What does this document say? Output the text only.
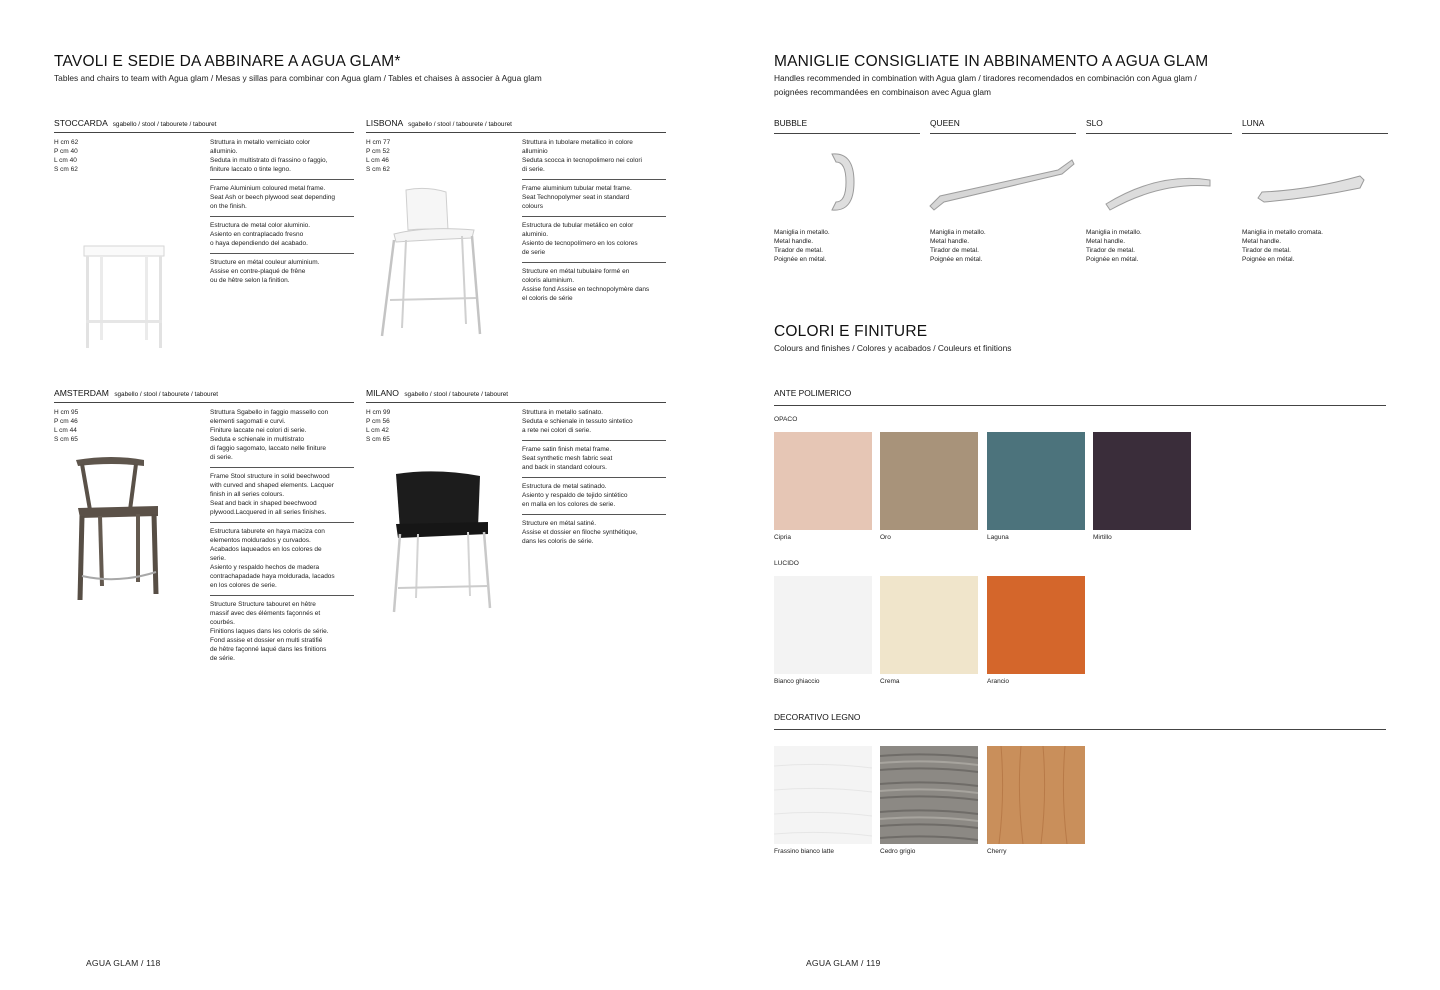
TAVOLI E SEDIE DA ABBINARE A AGUA GLAM*
Tables and chairs to team with Agua glam / Mesas y sillas para combinar con Agua glam / Tables et chaises à associer à Agua glam
STOCCARDA sgabello / stool / tabourete / tabouret
H cm 62
P cm 40
L cm 40
S cm 62
Struttura in metallo verniciato color
alluminio.
Seduta in multistrato di frassino o faggio,
finiture laccato o tinte legno.
Frame Aluminium coloured metal frame.
Seat Ash or beech plywood seat depending
on the finish.
Estructura de metal color aluminio.
Asiento en contraplacado fresno
o haya dependiendo del acabado.
Structure en métal couleur aluminium.
Assise en contre-plaqué de frêne
ou de hêtre selon la finition.
LISBONA sgabello / stool / tabourete / tabouret
H cm 77
P cm 52
L cm 46
S cm 62
Struttura in tubolare metallico in colore
alluminio
Seduta scocca in tecnopolimero nei colori
di serie.
Frame aluminium tubular metal frame.
Seat Technopolymer seat in standard
colours
Estructura de tubular metálico en color
aluminio.
Asiento de tecnopolímero en los colores
de serie
Structure en métal tubulaire formé en
coloris aluminium.
Assise fond Assise en technopolymère dans
el coloris de série
AMSTERDAM sgabello / stool / tabourete / tabouret
H cm 95
P cm 46
L cm 44
S cm 65
Struttura Sgabello in faggio massello con
elementi sagomati e curvi.
Finiture laccate nei colori di serie.
Seduta e schienale in multistrato
di faggio sagomato, laccato nelle finiture
di serie.
Frame Stool structure in solid beechwood
with curved and shaped elements. Lacquer
finish in all series colours.
Seat and back in shaped beechwood
plywood.Lacquered in all series finishes.
Estructura taburete en haya maciza con
elementos moldurados y curvados.
Acabados laqueados en los colores de
serie.
Asiento y respaldo hechos de madera
contrachapadade haya moldurada, lacados
en los colores de serie.
Structure Structure tabouret en hêtre
massif avec des éléments façonnés et
courbés.
Finitions laques dans les coloris de série.
Fond assise et dossier en multi stratifié
de hêtre façonné laqué dans les finitions
de série.
MILANO sgabello / stool / tabourete / tabouret
H cm 99
P cm 56
L cm 42
S cm 65
Struttura in metallo satinato.
Seduta e schienale in tessuto sintetico
a rete nei colori di serie.
Frame satin finish metal frame.
Seat synthetic mesh fabric seat
and back in standard colours.
Estructura de metal satinado.
Asiento y respaldo de tejido sintético
en malla en los colores de serie.
Structure en métal satiné.
Assise et dossier en filoche synthétique,
dans les coloris de série.
AGUA GLAM / 118
MANIGLIE CONSIGLIATE IN ABBINAMENTO A AGUA GLAM
Handles recommended in combination with Agua glam / tiradores recomendados en combinación con Agua glam /
poignées recommandées en combinaison avec Agua glam
BUBBLE	QUEEN	SLO	LUNA
Maniglia in metallo.
Metal handle.
Tirador de metal.
Poignée en métal.
Maniglia in metallo.
Metal handle.
Tirador de metal.
Poignée en métal.
Maniglia in metallo.
Metal handle.
Tirador de metal.
Poignée en métal.
Maniglia in metallo cromata.
Metal handle.
Tirador de metal.
Poignée en métal.
COLORI E FINITURE
Colours and finishes / Colores y acabados / Couleurs et finitions
ANTE POLIMERICO
OPACO
Cipria	Oro	Laguna	Mirtillo
LUCIDO
Bianco ghiaccio	Crema	Arancio
DECORATIVO LEGNO
Frassino bianco latte	Cedro grigio	Cherry
AGUA GLAM / 119
